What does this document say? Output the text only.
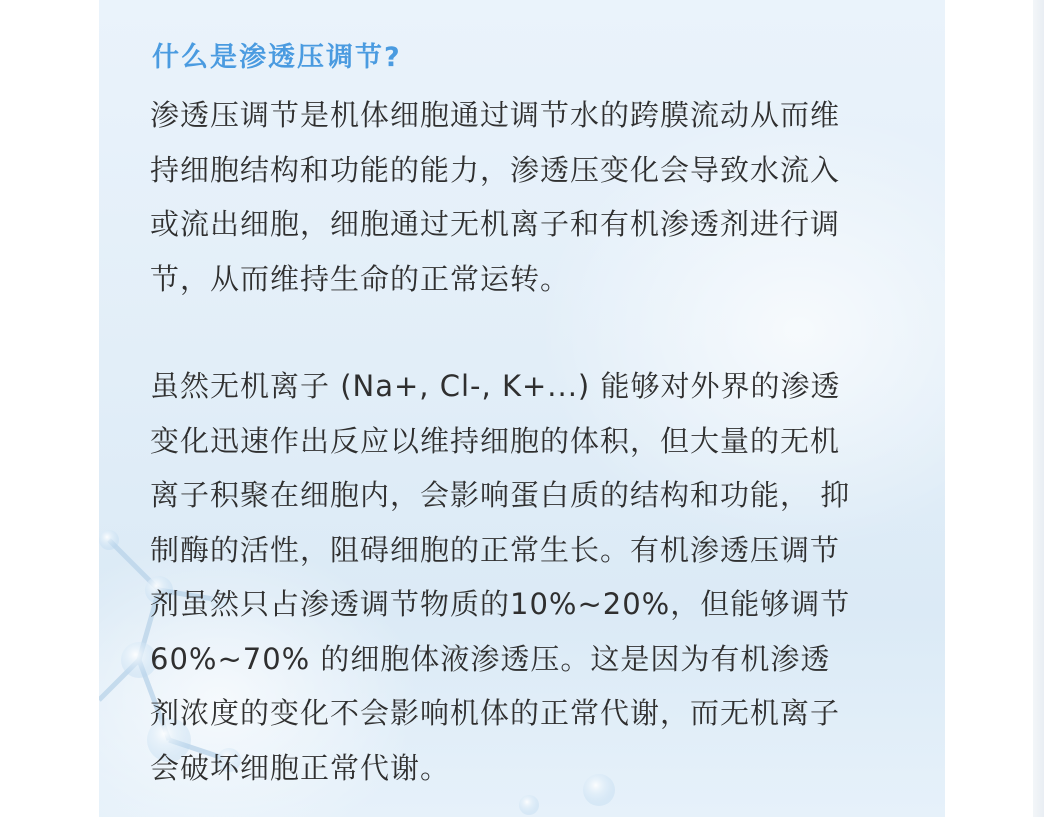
什么是渗透压调节?

渗透压调节是机体细胞通过调节水的跨膜流动从而维
持细胞结构和功能的能力，渗透压变化会导致水流入
或流出细胞，细胞通过无机离子和有机渗透剂进行调
节，从而维持生命的正常运转。

虽然无机离子 (Na+, Cl-, K+...) 能够对外界的渗透
变化迅速作出反应以维持细胞的体积，但大量的无机
离子积聚在细胞内，会影响蛋白质的结构和功能， 抑
制酶的活性，阻碍细胞的正常生长。有机渗透压调节
剂虽然只占渗透调节物质的10%~20%，但能够调节
60%~70% 的细胞体液渗透压。这是因为有机渗透
剂浓度的变化不会影响机体的正常代谢，而无机离子
会破坏细胞正常代谢。
